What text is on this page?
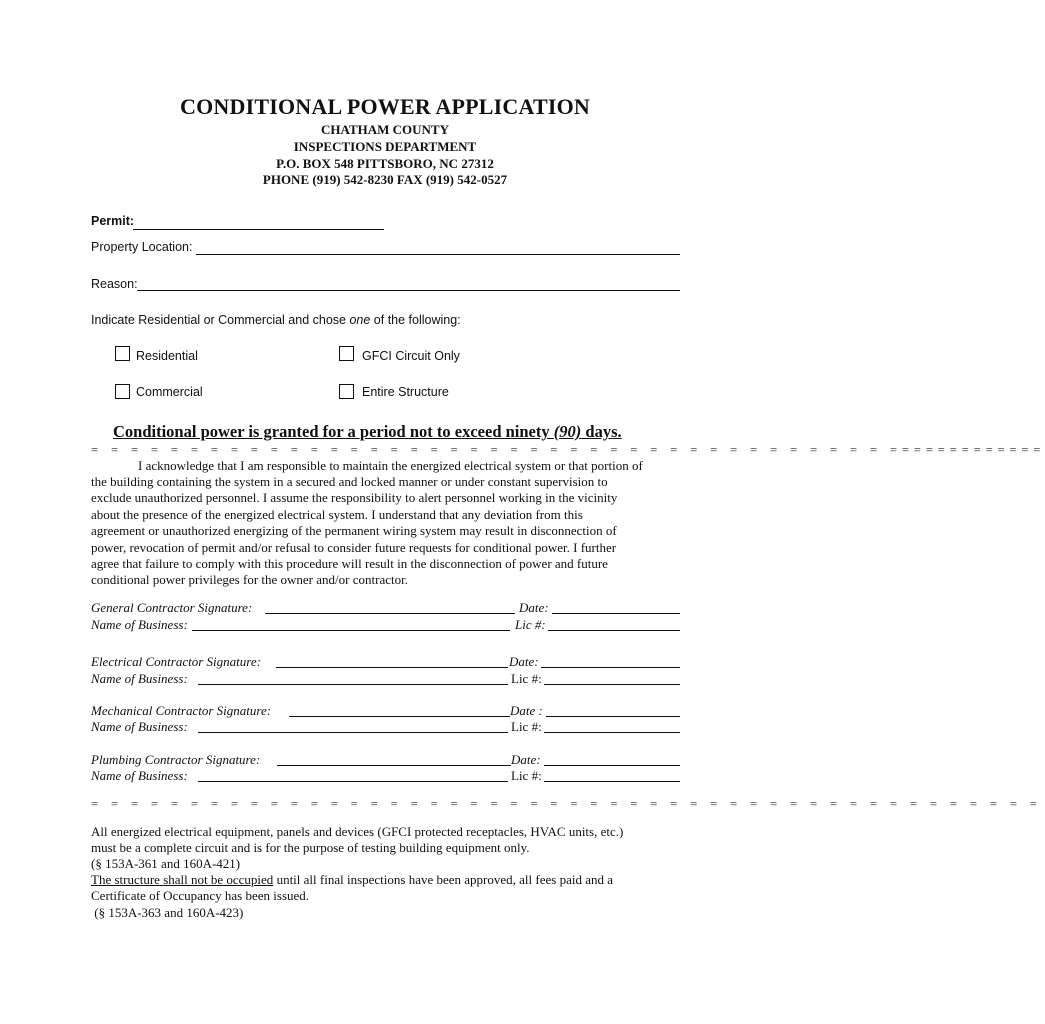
CONDITIONAL POWER APPLICATION
CHATHAM COUNTY
INSPECTIONS DEPARTMENT
P.O. BOX 548 PITTSBORO, NC 27312
PHONE (919) 542-8230 FAX (919) 542-0527
Permit:
Property Location:
Reason:
Indicate Residential or Commercial and chose one of the following:
Residential	GFCI Circuit Only
Commercial	Entire Structure
Conditional power is granted for a period not to exceed ninety (90) days.
= = = = = = = = = = = = = = = = = = = = = = = = = = = = = = = = = = = = = = = = =============
I acknowledge that I am responsible to maintain the energized electrical system or that portion of
the building containing the system in a secured and locked manner or under constant supervision to
exclude unauthorized personnel. I assume the responsibility to alert personnel working in the vicinity
about the presence of the energized electrical system. I understand that any deviation from this
agreement or unauthorized energizing of the permanent wiring system may result in disconnection of
power, revocation of permit and/or refusal to consider future requests for conditional power. I further
agree that failure to comply with this procedure will result in the disconnection of power and future
conditional power privileges for the owner and/or contractor.
General Contractor Signature:	Date:
Name of Business:	Lic #:
Electrical Contractor Signature:	Date:
Name of Business:	Lic #:
Mechanical Contractor Signature:	Date :
Name of Business:	Lic #:
Plumbing Contractor Signature:	Date:
Name of Business:	Lic #:
= = = = = = = = = = = = = = = = = = = = = = = = = = = = = = = = = = = = = = = = = = = = = = = =
All energized electrical equipment, panels and devices (GFCI protected receptacles, HVAC units, etc.)
must be a complete circuit and is for the purpose of testing building equipment only.
(§ 153A-361 and 160A-421)
The structure shall not be occupied until all final inspections have been approved, all fees paid and a
Certificate of Occupancy has been issued.
(§ 153A-363 and 160A-423)
